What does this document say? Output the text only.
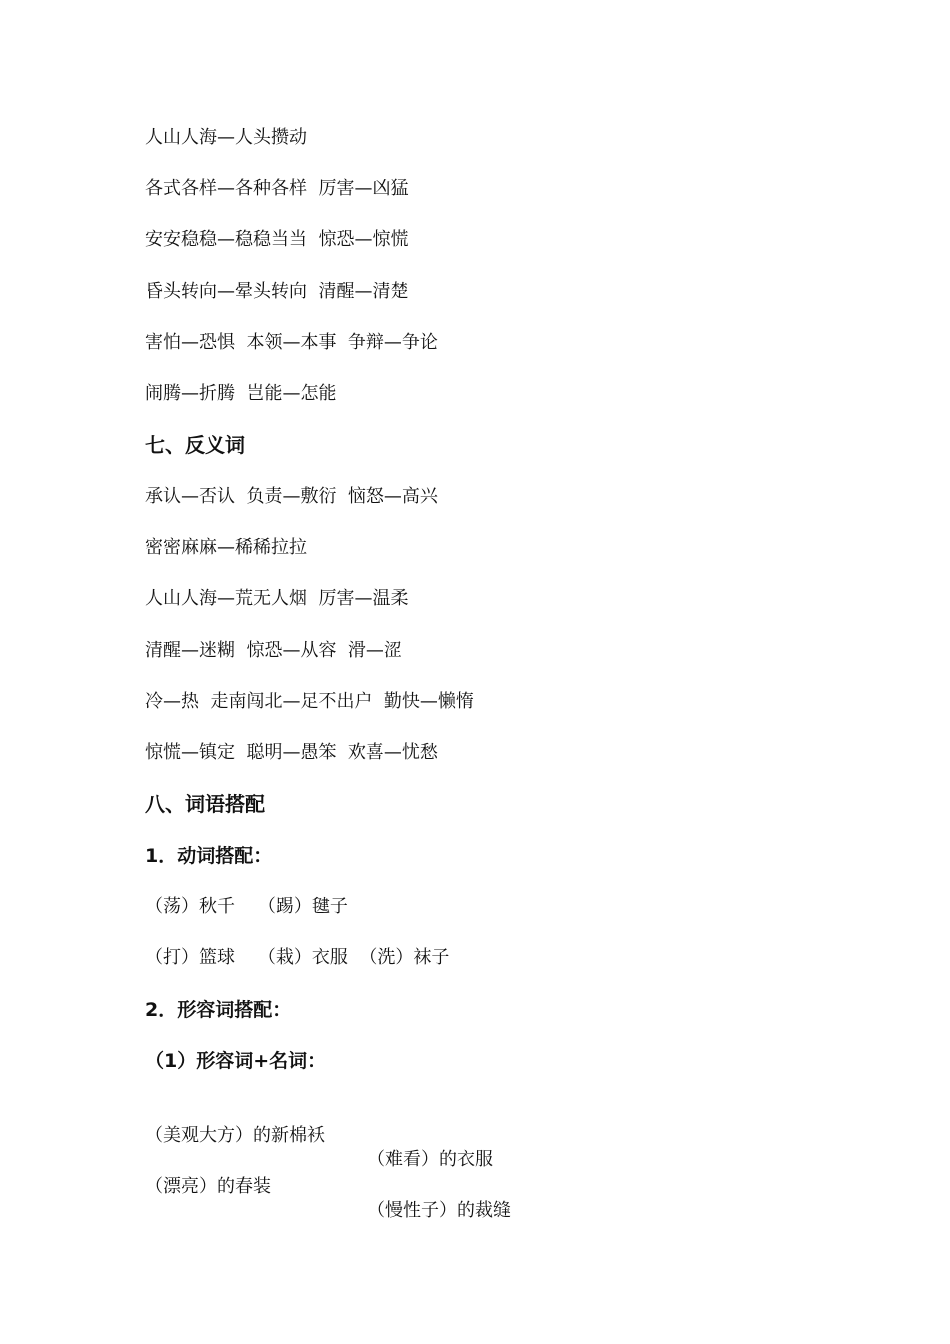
人山人海—人头攒动
各式各样—各种各样  厉害—凶猛
安安稳稳—稳稳当当  惊恐—惊慌
昏头转向—晕头转向  清醒—清楚
害怕—恐惧  本领—本事  争辩—争论
闹腾—折腾  岂能—怎能
七、反义词
承认—否认  负责—敷衍  恼怒—高兴
密密麻麻—稀稀拉拉
人山人海—荒无人烟  厉害—温柔
清醒—迷糊  惊恐—从容  滑—涩
冷—热  走南闯北—足不出户  勤快—懒惰
惊慌—镇定  聪明—愚笨  欢喜—忧愁
八、词语搭配
1．动词搭配：
（荡）秋千    （踢）毽子
（打）篮球    （栽）衣服  （洗）袜子
2．形容词搭配：
（1）形容词+名词：

（美观大方）的新棉袄

（难看）的衣服

（漂亮）的春装

（慢性子）的裁缝
